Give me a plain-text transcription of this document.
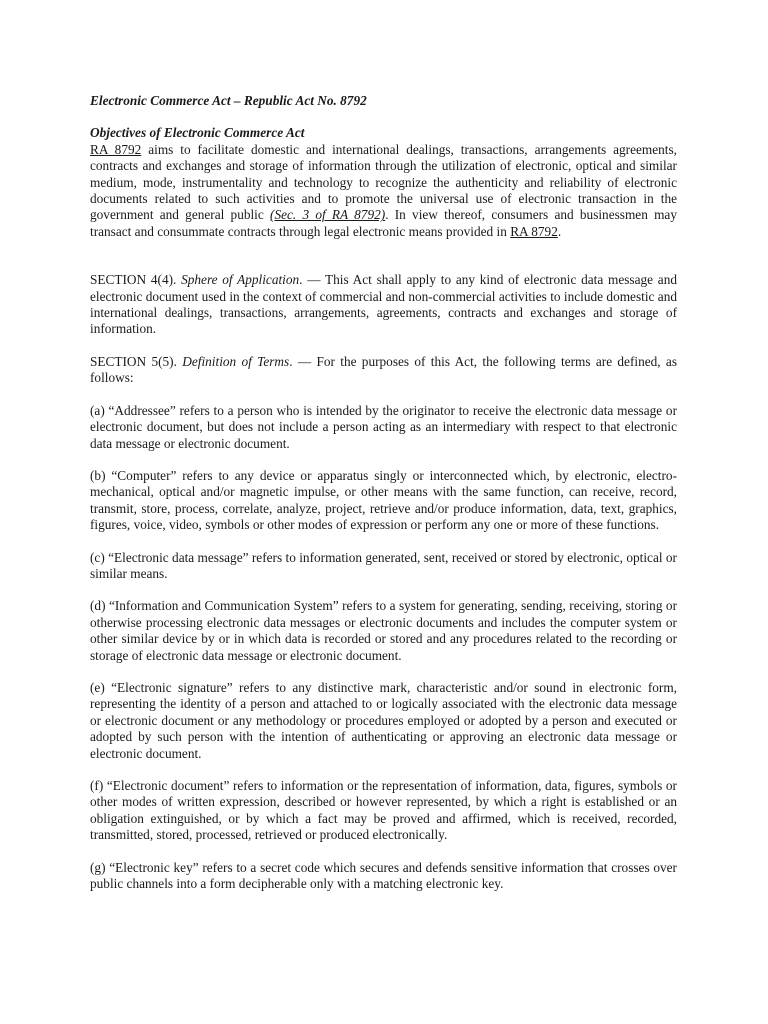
Electronic Commerce Act – Republic Act No. 8792

Objectives of Electronic Commerce Act

RA 8792 aims to facilitate domestic and international dealings, transactions, arrangements agreements, contracts and exchanges and storage of information through the utilization of electronic, optical and similar medium, mode, instrumentality and technology to recognize the authenticity and reliability of electronic documents related to such activities and to promote the universal use of electronic transaction in the government and general public (Sec. 3 of RA 8792). In view thereof, consumers and businessmen may transact and consummate contracts through legal electronic means provided in RA 8792.

SECTION 4(4). Sphere of Application. — This Act shall apply to any kind of electronic data message and electronic document used in the context of commercial and non-commercial activities to include domestic and international dealings, transactions, arrangements, agreements, contracts and exchanges and storage of information.

SECTION 5(5). Definition of Terms. — For the purposes of this Act, the following terms are defined, as follows:

(a) “Addressee” refers to a person who is intended by the originator to receive the electronic data message or electronic document, but does not include a person acting as an intermediary with respect to that electronic data message or electronic document.

(b) “Computer” refers to any device or apparatus singly or interconnected which, by electronic, electro-mechanical, optical and/or magnetic impulse, or other means with the same function, can receive, record, transmit, store, process, correlate, analyze, project, retrieve and/or produce information, data, text, graphics, figures, voice, video, symbols or other modes of expression or perform any one or more of these functions.

(c) “Electronic data message” refers to information generated, sent, received or stored by electronic, optical or similar means.

(d) “Information and Communication System” refers to a system for generating, sending, receiving, storing or otherwise processing electronic data messages or electronic documents and includes the computer system or other similar device by or in which data is recorded or stored and any procedures related to the recording or storage of electronic data message or electronic document.

(e) “Electronic signature” refers to any distinctive mark, characteristic and/or sound in electronic form, representing the identity of a person and attached to or logically associated with the electronic data message or electronic document or any methodology or procedures employed or adopted by a person and executed or adopted by such person with the intention of authenticating or approving an electronic data message or electronic document.

(f) “Electronic document” refers to information or the representation of information, data, figures, symbols or other modes of written expression, described or however represented, by which a right is established or an obligation extinguished, or by which a fact may be proved and affirmed, which is received, recorded, transmitted, stored, processed, retrieved or produced electronically.

(g) “Electronic key” refers to a secret code which secures and defends sensitive information that crosses over public channels into a form decipherable only with a matching electronic key.
